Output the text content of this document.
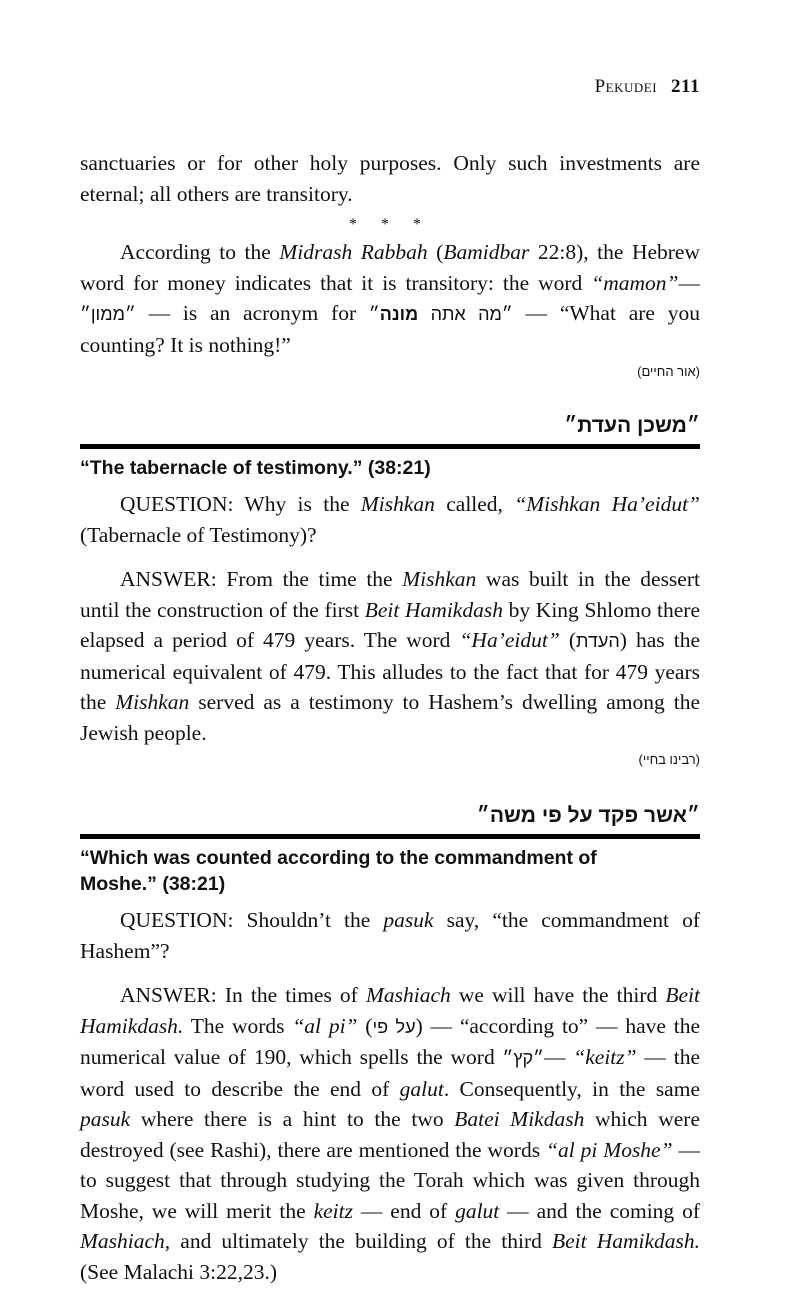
Pekudei 211

sanctuaries or for other holy purposes. Only such investments are eternal; all others are transitory.

* * *

According to the Midrash Rabbah (Bamidbar 22:8), the Hebrew word for money indicates that it is transitory: the word “mamon”— ״ממון״ — is an acronym for	״מה אתה מונה״	— “What are you counting? It is nothing!”

(אור החיים)
״משכן העדת״
“The tabernacle of testimony.” (38:21)

QUESTION: Why is the Mishkan called, “Mishkan Ha’eidut” (Tabernacle of Testimony)?

ANSWER: From the time the Mishkan was built in the dessert until the construction of the first Beit Hamikdash by King Shlomo there elapsed a period of 479 years. The word “Ha’eidut” (העדת) has the numerical equivalent of 479. This alludes to the fact that for 479 years the Mishkan served as a testimony to Hashem’s dwelling among the Jewish people.

(רבינו בחיי)
״אשר פקד על פי משה״
“Which was counted according to the commandment of Moshe.” (38:21)

QUESTION: Shouldn’t the pasuk say, “the commandment of Hashem”?

ANSWER: In the times of Mashiach we will have the third Beit Hamikdash. The words “al pi” (על פי) — “according to” — have the numerical value of 190, which spells the word ״קץ״— “keitz” — the word used to describe the end of galut. Consequently, in the same pasuk where there is a hint to the two Batei Mikdash which were destroyed (see Rashi), there are mentioned the words “al pi Moshe” — to suggest that through studying the Torah which was given through Moshe, we will merit the keitz — end of galut — and the coming of Mashiach, and ultimately the building of the third Beit Hamikdash. (See Malachi 3:22,23.)
